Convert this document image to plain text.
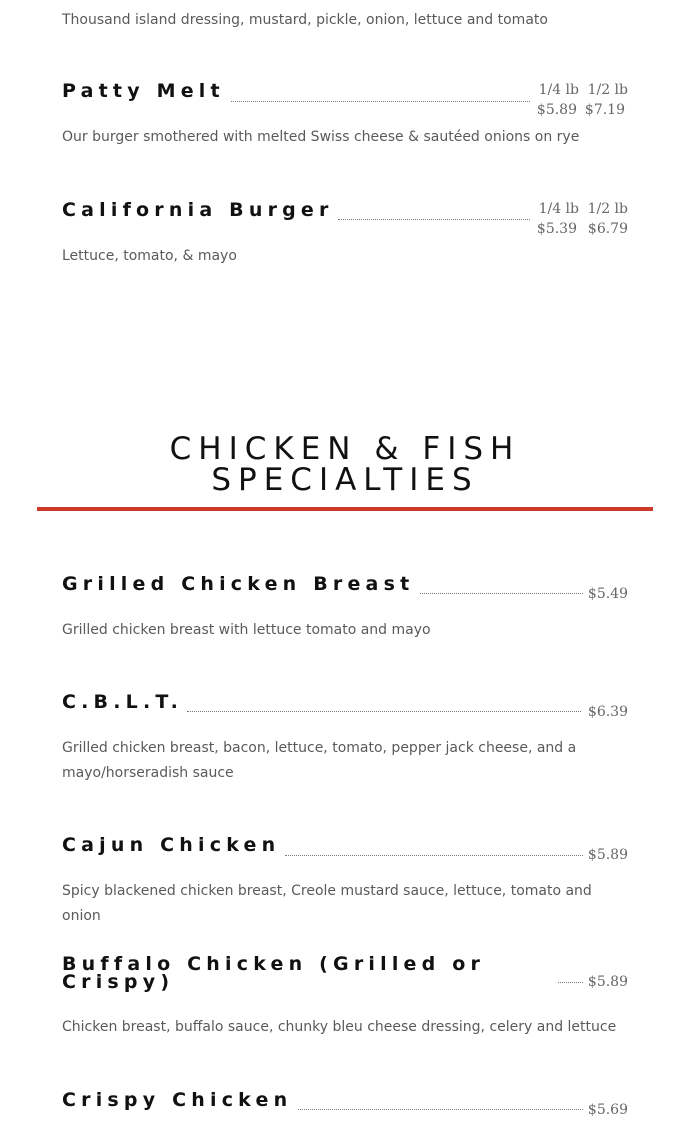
Thousand island dressing, mustard, pickle, onion, lettuce and tomato
Patty Melt	1/4 lb 1/2 lb
$5.89 $7.19
Our burger smothered with melted Swiss cheese & sautéed onions on rye
California Burger	1/4 lb 1/2 lb
$5.39 $6.79
Lettuce, tomato, & mayo
CHICKEN & FISH
SPECIALTIES
Grilled Chicken Breast	$5.49
Grilled chicken breast with lettuce tomato and mayo
C.B.L.T.	$6.39
Grilled chicken breast, bacon, lettuce, tomato, pepper jack cheese, and a mayo/horseradish sauce
Cajun Chicken	$5.89
Spicy blackened chicken breast, Creole mustard sauce, lettuce, tomato and onion
Buffalo Chicken (Grilled or Crispy)	$5.89
Chicken breast, buffalo sauce, chunky bleu cheese dressing, celery and lettuce
Crispy Chicken	$5.69
